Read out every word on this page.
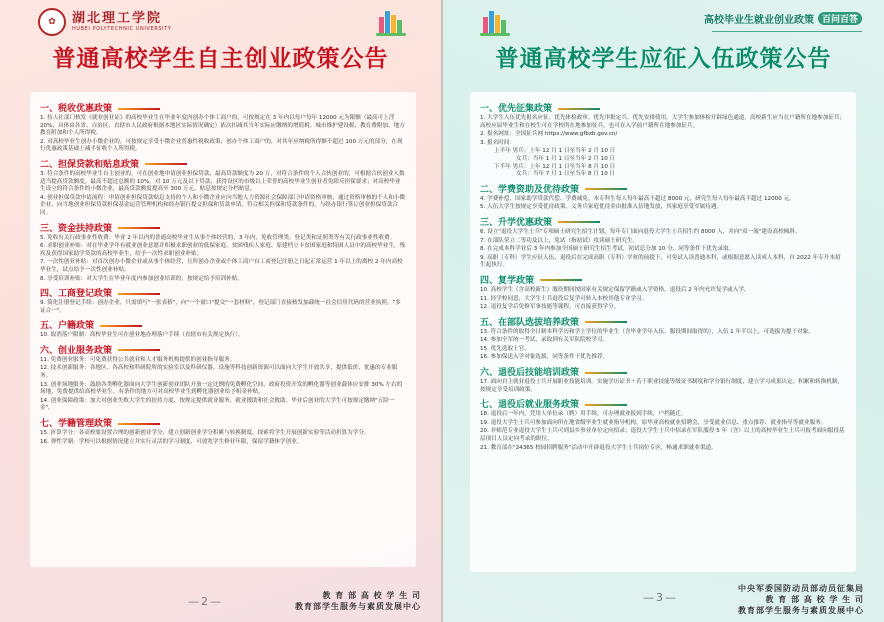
✿	湖北理工学院
HUBEI POLYTECHNIC UNIVERSITY
普通高校学生自主创业政策公告
一、税收优惠政策
1. 持人社部门核发《就业创业证》的高校毕业生在毕业年度内创办个体工商户的，可按规定在 3 年内以每户每年 12000 元为限额（最高可上浮 20%，具体由各省、自治区、直辖市人民政府根据本地区实际情况确定）依次扣减其当年实际应缴纳的增值税、城市维护建设税、教育费附加、地方教育附加和个人所得税。
2. 对高校毕业生创办小微企业的，可按规定享受小微企业普惠性税收政策；创办个体工商户的，对其年应纳税所得额不超过 100 万元的部分，在现行优惠政策基础上减半征收个人所得税。
二、担保贷款和贴息政策
3. 符合条件的高校毕业生自主创业的，可在创业地申请创业担保贷款，最高贷款额度为 20 万，对符合条件的个人合伙创业的，可根据合伙创业人数适当提高贷款额度，最高不超过总额的 10%。对 10 万元及以下贷款、获得设区的市级以上荣誉的高校毕业生创业者免除反担保要求；对高校毕业生设立的符合条件的小微企业，最高贷款额度提高至 300 万元，贴息按规定分档贴息。
4. 创业担保贷款申请流程：申请创业担保贷款贴息支持的个人和小微企业应向当地人力资源社会保障部门申请资格审核，通过资格审核的个人和小微企业，向当地创业担保贷款担保基金运营管理机构和经办银行提交担保和贷款申请，符合相关担保和贷款条件的，与经办银行签订创业担保贷款合同。
三、资金扶持政策
5. 免收有关行政事业性收费：毕业 2 年以内的普通高校毕业生从事个体经营的，3 年内，免收管理类、登记类和证照类等有关行政事业性收费。
6. 求职创业补贴：对在毕业学年有就业创业意愿并积极求职创业的低保家庭、贫困残疾人家庭、原建档立卡贫困家庭和特困人员中的高校毕业生，残疾及获得国家助学贷款的高校毕业生，给予一次性求职创业补贴。
7. 一次性创业补贴：对首次创办小微企业或从事个体经营，且所创办企业或个体工商户自工商登记注册之日起正常运营 1 年以上的离校 2 年内高校毕业生，试点给予一次性创业补贴。
8. 享受培训补贴：对大学生在毕业年度内参加创业培训的，按规定给予培训补贴。
四、工商登记政策
9. 简化注册登记手续：创办企业，只需填写"一张表格"，向"一个窗口"提交"一套材料"，登记部门直接核发加载统一社会信用代码的营业执照。"多证合一"。
五、户籍政策
10. 取消落户限制：高校毕业生可在创业地办理落户手续（直辖市有关规定执行）。
六、创业服务政策
11. 免费创业服务：可免费获得公共就业和人才服务机构提供的创业指导服务。
12. 技术创新服务：各地区、各高校和科研院所的实验室以及科研仪器、设施等科技创新资源可以面向大学生开放共享，提供低价、优惠的专业服务。
13. 创业场地服务：鼓励各类孵化器面向大学生创新创业团队开放一定比例的免费孵化空间，政府投资开发的孵化器等创业载体应安排 30% 左右的场地，免费提供给高校毕业生。有条件的地方可对高校毕业生到孵化器创业给予租金补贴。
14. 创业保障政策：加大对创业失败大学生的扶持力度，按规定提供就业服务、就业援助和社会救助。毕业后创业的大学生可按规定缴纳"五险一金"。
七、学籍管理政策
15. 折算学分：各高校要设置合理的创新创业学分，建立创新创业学分积累与转换制度，探索将学生开展创新实验等活动折算为学分。
16. 弹性学制：学校可以根据情况建立并实行灵活的学习制度，可放宽学生修业年限，保留学籍休学创业。
—2—	教 育 部 高 校 学 生 司
教育部学生服务与素质发展中心
高校毕业生就业创业政策 百问百答
普通高校学生应征入伍政策公告
一、优先征集政策
1. 大学生入伍优先报名应征、优先体检政审、优先审批定兵、优先安排使用。大学生参加体检开辟绿色通道。高校新生应当在户籍所在地参加征兵；高校应届毕业生和在校生可在学校所在地参加征兵，也可在入学前户籍所在地参加征兵。
2. 报名网址：全国征兵网 https://www.gfbzb.gov.cn/
3. 报名时间：
上半年 男兵：上年 12 月 1 日至当年 2 月 10 日
女兵：当年 1 月 1 日至当年 2 月 10 日
下半年 男兵：上年 12 月 1 日至当年 8 月 10 日
女兵：当年 7 月 1 日至当年 8 月 10 日
二、学费资助及优待政策
4. 学费补偿、国家助学贷款代偿、学费减免。本专科生每人每年最高不超过 8000 元，研究生每人每年最高不超过 12000 元。
5. 入伍大学生按规定享受优待政策。义务兵家庭优待金由批准入伍地发放，其家庭享受军属待遇。
三、升学优惠政策
6. 设立"退役大学生士兵"专项硕士研究生招生计划，每年专门面向退役大学生士兵招生约 8000 人，并向"双一流"建设高校倾斜。
7. 在部队荣立二等功及以上，免试（指初试）攻读硕士研究生。
8. 在完成本科学业后 3 年内参加全国硕士研究生招生考试，初试总分加 10 分，同等条件下优先录取。
9. 高职（专科）学生应征入伍，退役后在完成高职（专科）学业的前提下，可免试入读普通本科，或根据意愿入读成人本科，自 2022 年专升本招生起执行。
四、复学政策
10. 高校学生（含高校新生）服役期间按国家有关规定保留学籍或入学资格，退役后 2 年内允许复学或入学。
11. 经学校同意，大学生士兵退役后复学可转入本校其他专业学习。
12. 退役复学后免修军事技能等课程，可直接获得学分。
五、在部队选拔培养政策
13. 符合条件的取得全日制本科学历和学士学位的毕业生（含毕业学年入伍、服役期间取得的），入伍 1 年半以上，可选拔为提干对象。
14. 参加全军统一考试，录取到有关军队院校学习。
15. 优先选取士官。
16. 参加保送入学对象选拔，同等条件下优先推荐。
六、退役后技能培训政策
17. 面向自主就业退役士兵开展职业技能培训。实施学历证书＋若干职业技能等级证书制度和学分银行制度，建立学习成果认定、积累和转换机制，按规定享受培训政策。
七、退役后就业服务政策
18. 退役后一年内，凭用人单位录（聘）用手续，可办理就业报到手续，户档随迁。
19. 退役大学生士兵可参加面向所在地省级毕业生就业指导机构，原毕业高校就业招聘会，享受就业信息、重点推荐、就业指导等就业服务。
20. 非师范专业退役大学生士兵可到县乡事业单位定向招录；退役大学生士兵中招录在军队服役 5 年（含）以上的高校毕业生士兵可报考面向服役基层项目人员定向考录的职位。
21. 教育部在"24365 校园招聘服务"活动中开辟退役大学生士兵岗位专区，畅通求职就业渠道。
—3—
中央军委国防动员部动员征集局
教 育 部 高 校 学 生 司
教育部学生服务与素质发展中心
